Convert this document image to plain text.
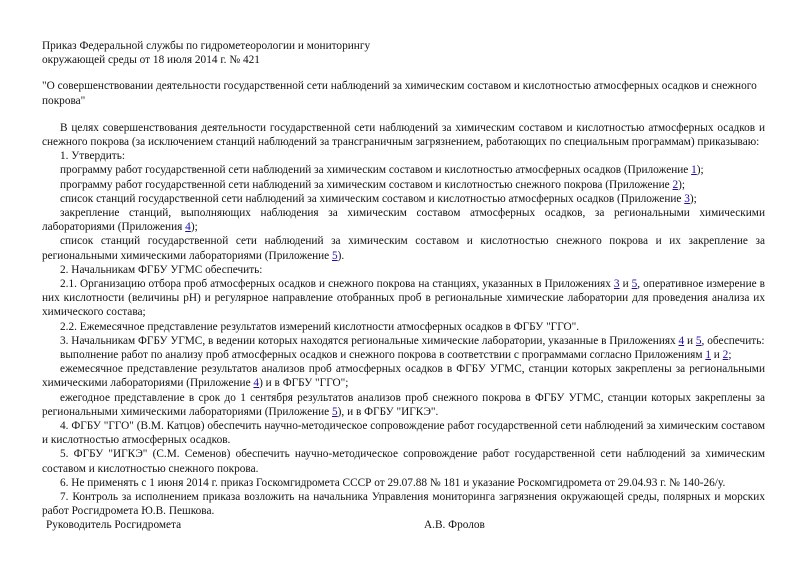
Приказ Федеральной службы по гидрометеорологии и мониторингу
окружающей среды от 18 июля 2014 г. № 421
"О совершенствовании деятельности государственной сети наблюдений за химическим составом и кислотностью атмосферных осадков и снежного покрова"

В целях совершенствования деятельности государственной сети наблюдений за химическим составом и кислотностью атмосферных осадков и снежного покрова (за исключением станций наблюдений за трансграничным загрязнением, работающих по специальным программам) приказываю:

1. Утвердить:

программу работ государственной сети наблюдений за химическим составом и кислотностью атмосферных осадков (Приложение 1);

программу работ государственной сети наблюдений за химическим составом и кислотностью снежного покрова (Приложение 2);

список станций государственной сети наблюдений за химическим составом и кислотностью атмосферных осадков (Приложение 3);

закрепление станций, выполняющих наблюдения за химическим составом атмосферных осадков, за региональными химическими лабораториями (Приложения 4);

список станций государственной сети наблюдений за химическим составом и кислотностью снежного покрова и их закрепление за региональными химическими лабораториями (Приложение 5).

2. Начальникам ФГБУ УГМС обеспечить:

2.1. Организацию отбора проб атмосферных осадков и снежного покрова на станциях, указанных в Приложениях 3 и 5, оперативное измерение в них кислотности (величины pH) и регулярное направление отобранных проб в региональные химические лаборатории для проведения анализа их химического состава;

2.2. Ежемесячное представление результатов измерений кислотности атмосферных осадков в ФГБУ "ГГО".

3. Начальникам ФГБУ УГМС, в ведении которых находятся региональные химические лаборатории, указанные в Приложениях 4 и 5, обеспечить:

выполнение работ по анализу проб атмосферных осадков и снежного покрова в соответствии с программами согласно Приложениям 1 и 2;

ежемесячное представление результатов анализов проб атмосферных осадков в ФГБУ УГМС, станции которых закреплены за региональными химическими лабораториями (Приложение 4) и в ФГБУ "ГГО";

ежегодное представление в срок до 1 сентября результатов анализов проб снежного покрова в ФГБУ УГМС, станции которых закреплены за региональными химическими лабораториями (Приложение 5), и в ФГБУ "ИГКЭ".

4. ФГБУ "ГГО" (В.М. Катцов) обеспечить научно-методическое сопровождение работ государственной сети наблюдений за химическим составом и кислотностью атмосферных осадков.

5. ФГБУ "ИГКЭ" (С.М. Семенов) обеспечить научно-методическое сопровождение работ государственной сети наблюдений за химическим составом и кислотностью снежного покрова.

6. Не применять с 1 июня 2014 г. приказ Госкомгидромета СССР от 29.07.88 № 181 и указание Роскомгидромета от 29.04.93 г. № 140-26/у.

7. Контроль за исполнением приказа возложить на начальника Управления мониторинга загрязнения окружающей среды, полярных и морских работ Росгидромета Ю.В. Пешкова.

Руководитель Росгидромета	А.В. Фролов
